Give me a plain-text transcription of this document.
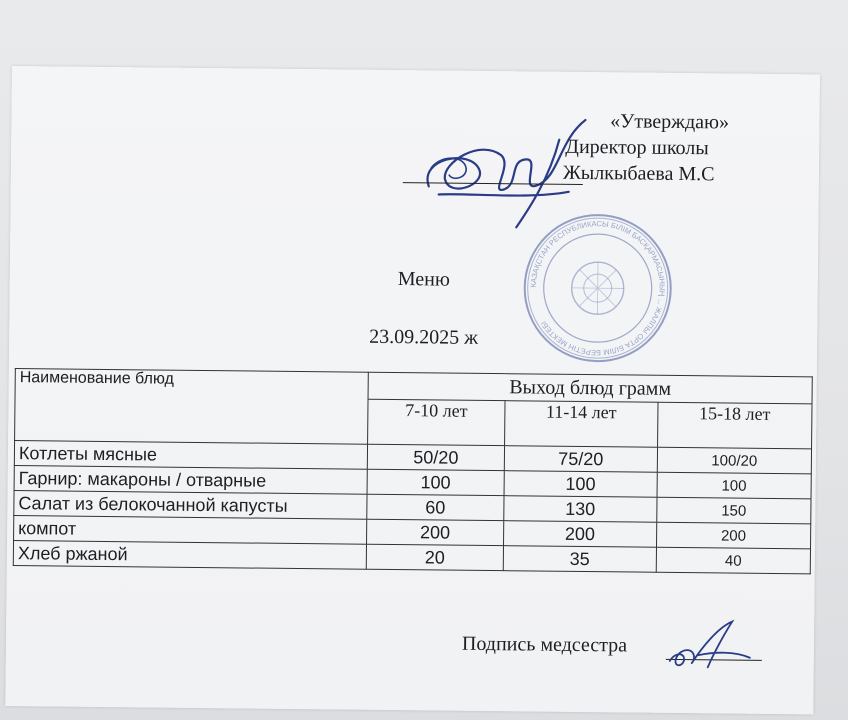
КАЗАҚСТАН РЕСПУБЛИКАСЫ БІЛІМ БАСҚАРМАСЫНЫҢ ... ЖАЛПЫ ОРТА БІЛІМ БЕРЕТІН МЕКТЕБІ
«Утверждаю»
Директор школы
Жылкыбаева М.С
Меню
23.09.2025 ж
Наименование блюд	Выход блюд грамм		
	7-10 лет	11-14 лет	15-18 лет
Котлеты мясные	50/20	75/20	100/20
Гарнир: макароны / отварные	100	100	100
Салат из белокочанной капусты	60	130	150
компот	200	200	200
Хлеб ржаной	20	35	40
Подпись медсестра
